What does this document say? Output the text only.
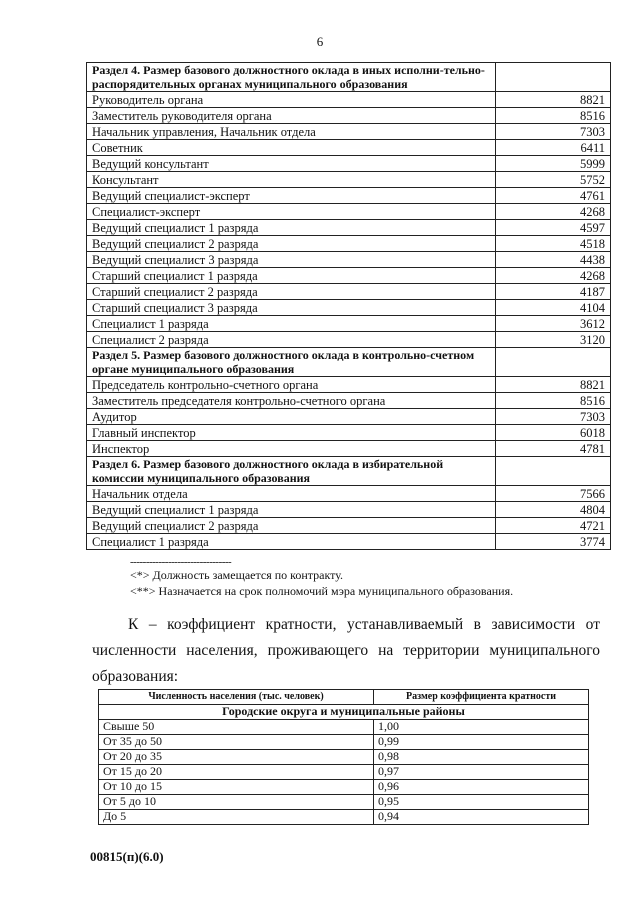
6
Раздел 4. Размер базового должностного оклада в иных исполни-тельно-распорядительных органах муниципального образования	
Руководитель органа	8821
Заместитель руководителя органа	8516
Начальник управления, Начальник отдела	7303
Советник	6411
Ведущий консультант	5999
Консультант	5752
Ведущий специалист-эксперт	4761
Специалист-эксперт	4268
Ведущий специалист 1 разряда	4597
Ведущий специалист 2 разряда	4518
Ведущий специалист 3 разряда	4438
Старший специалист 1 разряда	4268
Старший специалист 2 разряда	4187
Старший специалист 3 разряда	4104
Специалист 1 разряда	3612
Специалист 2 разряда	3120
Раздел 5. Размер базового должностного оклада в контрольно-счетном органе муниципального образования	
Председатель контрольно-счетного органа	8821
Заместитель председателя контрольно-счетного органа	8516
Аудитор	7303
Главный инспектор	6018
Инспектор	4781
Раздел 6. Размер базового должностного оклада в избирательной комиссии муниципального образования	
Начальник отдела	7566
Ведущий специалист 1 разряда	4804
Ведущий специалист 2 разряда	4721
Специалист 1 разряда	3774
--------------------------------
<*> Должность замещается по контракту.
<**> Назначается на срок полномочий мэра муниципального образования.
К – коэффициент кратности, устанавливаемый в зависимости от численности населения, проживающего на территории муниципального образования:
Численность населения (тыс. человек)	Размер коэффициента кратности
Городские округа и муниципальные районы	
Свыше 50	1,00
От 35 до 50	0,99
От 20 до 35	0,98
От 15 до 20	0,97
От 10 до 15	0,96
От 5 до 10	0,95
До 5	0,94
00815(п)(6.0)
